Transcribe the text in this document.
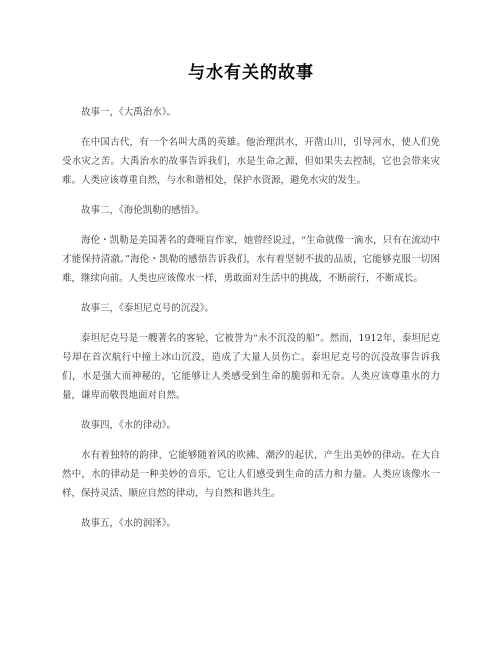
与水有关的故事

故事一，《大禹治水》。

在中国古代，有一个名叫大禹的英雄。他治理洪水，开凿山川，引导河水，使人们免受水灾之苦。大禹治水的故事告诉我们，水是生命之源，但如果失去控制，它也会带来灾难。人类应该尊重自然，与水和谐相处，保护水资源，避免水灾的发生。

故事二，《海伦凯勒的感悟》。

海伦・凯勒是美国著名的聋哑盲作家，她曾经说过，“生命就像一滴水，只有在流动中才能保持清澈。”海伦・凯勒的感悟告诉我们，水有着坚韧不拔的品质，它能够克服一切困难，继续向前。人类也应该像水一样，勇敢面对生活中的挑战，不断前行，不断成长。

故事三，《泰坦尼克号的沉没》。

泰坦尼克号是一艘著名的客轮，它被誉为“永不沉没的船”。然而，1912年，泰坦尼克号却在首次航行中撞上冰山沉没，造成了大量人员伤亡。泰坦尼克号的沉没故事告诉我们，水是强大而神秘的，它能够让人类感受到生命的脆弱和无奈。人类应该尊重水的力量，谦卑而敬畏地面对自然。

故事四，《水的律动》。

水有着独特的韵律，它能够随着风的吹拂、潮汐的起伏，产生出美妙的律动。在大自然中，水的律动是一种美妙的音乐，它让人们感受到生命的活力和力量。人类应该像水一样，保持灵活、顺应自然的律动，与自然和谐共生。

故事五，《水的润泽》。
